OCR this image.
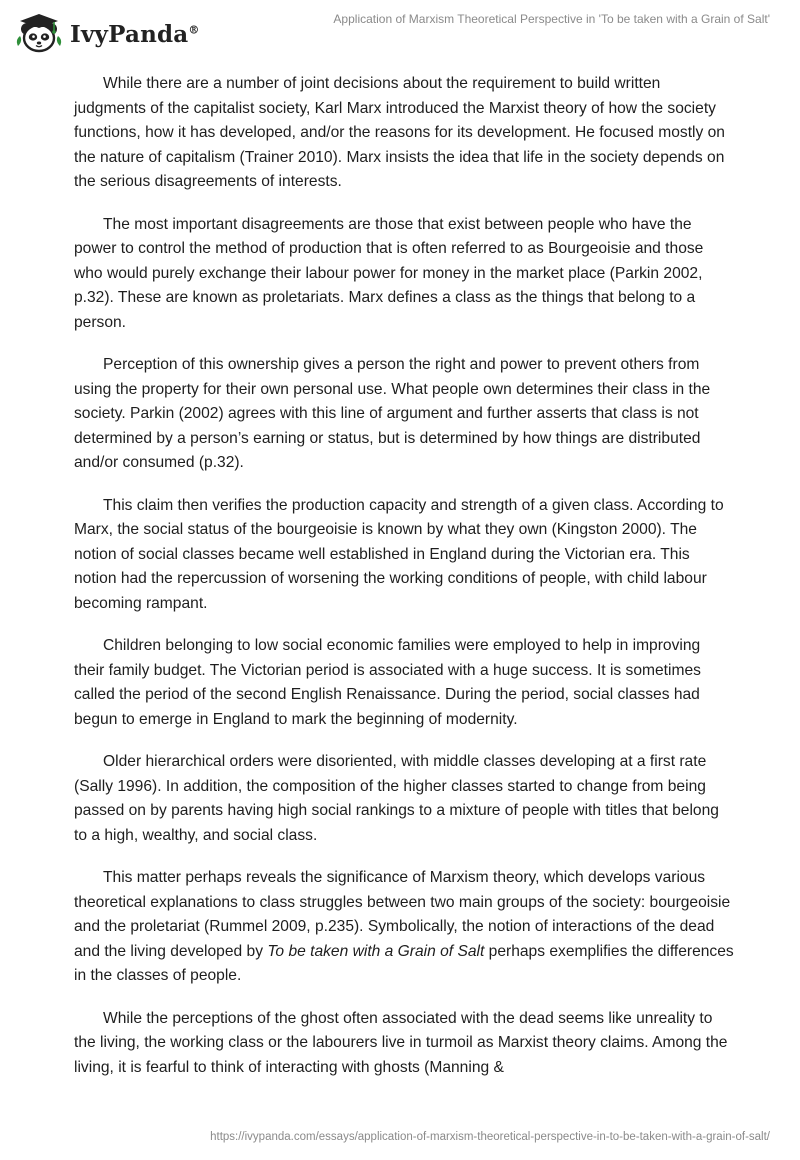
IvyPanda®
Application of Marxism Theoretical Perspective in 'To be taken with a Grain of Salt'

While there are a number of joint decisions about the requirement to build written judgments of the capitalist society, Karl Marx introduced the Marxist theory of how the society functions, how it has developed, and/or the reasons for its development. He focused mostly on the nature of capitalism (Trainer 2010). Marx insists the idea that life in the society depends on the serious disagreements of interests.

The most important disagreements are those that exist between people who have the power to control the method of production that is often referred to as Bourgeoisie and those who would purely exchange their labour power for money in the market place (Parkin 2002, p.32). These are known as proletariats. Marx defines a class as the things that belong to a person.

Perception of this ownership gives a person the right and power to prevent others from using the property for their own personal use. What people own determines their class in the society. Parkin (2002) agrees with this line of argument and further asserts that class is not determined by a person’s earning or status, but is determined by how things are distributed and/or consumed (p.32).

This claim then verifies the production capacity and strength of a given class. According to Marx, the social status of the bourgeoisie is known by what they own (Kingston 2000). The notion of social classes became well established in England during the Victorian era. This notion had the repercussion of worsening the working conditions of people, with child labour becoming rampant.

Children belonging to low social economic families were employed to help in improving their family budget. The Victorian period is associated with a huge success. It is sometimes called the period of the second English Renaissance. During the period, social classes had begun to emerge in England to mark the beginning of modernity.

Older hierarchical orders were disoriented, with middle classes developing at a first rate (Sally 1996). In addition, the composition of the higher classes started to change from being passed on by parents having high social rankings to a mixture of people with titles that belong to a high, wealthy, and social class.

This matter perhaps reveals the significance of Marxism theory, which develops various theoretical explanations to class struggles between two main groups of the society: bourgeoisie and the proletariat (Rummel 2009, p.235). Symbolically, the notion of interactions of the dead and the living developed by To be taken with a Grain of Salt perhaps exemplifies the differences in the classes of people.

While the perceptions of the ghost often associated with the dead seems like unreality to the living, the working class or the labourers live in turmoil as Marxist theory claims. Among the living, it is fearful to think of interacting with ghosts (Manning &

https://ivypanda.com/essays/application-of-marxism-theoretical-perspective-in-to-be-taken-with-a-grain-of-salt/
